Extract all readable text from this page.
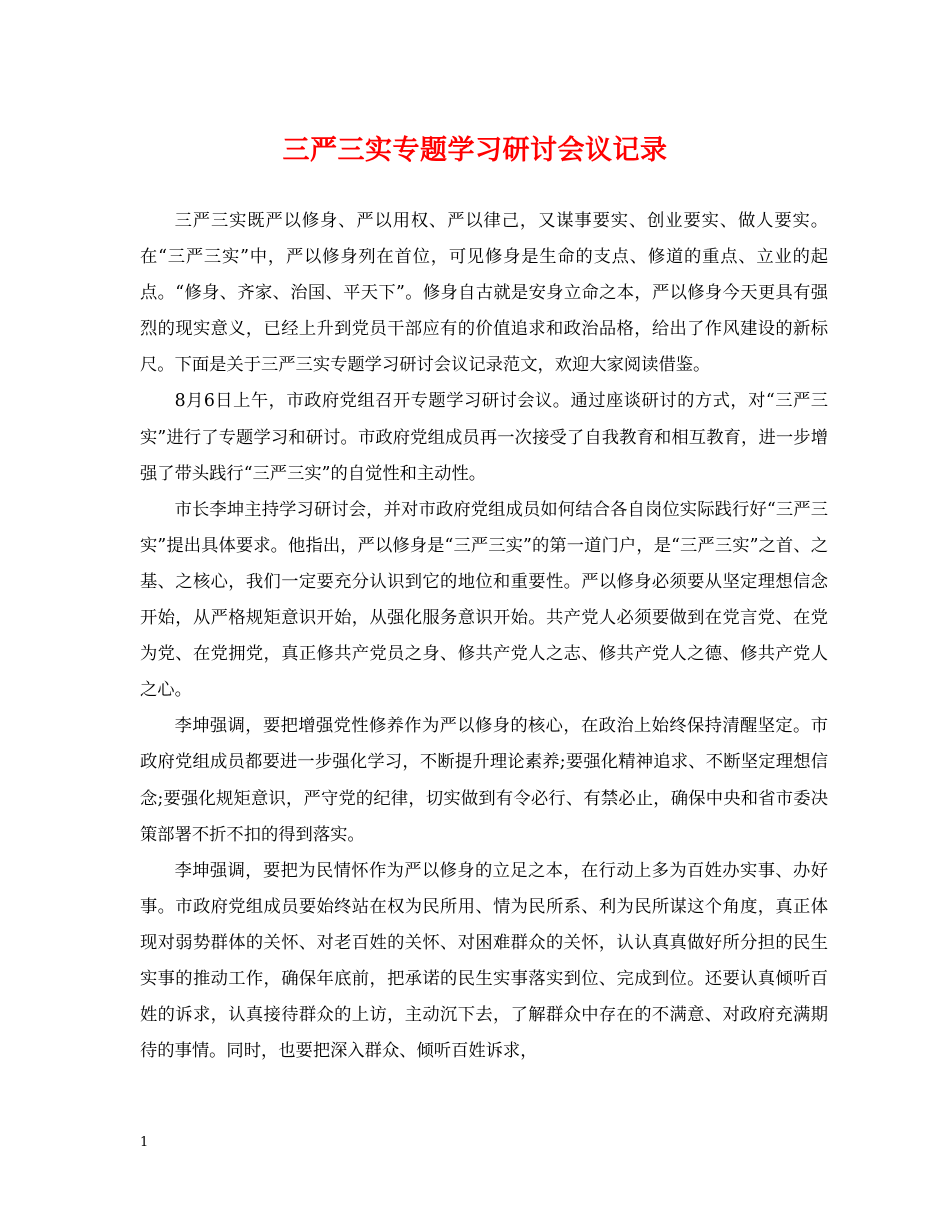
三严三实专题学习研讨会议记录

三严三实既严以修身、严以用权、严以律己，又谋事要实、创业要实、做人要实。在“三严三实”中，严以修身列在首位，可见修身是生命的支点、修道的重点、立业的起点。“修身、齐家、治国、平天下”。修身自古就是安身立命之本，严以修身今天更具有强烈的现实意义，已经上升到党员干部应有的价值追求和政治品格，给出了作风建设的新标尺。下面是关于三严三实专题学习研讨会议记录范文，欢迎大家阅读借鉴。

8月6日上午，市政府党组召开专题学习研讨会议。通过座谈研讨的方式，对“三严三实”进行了专题学习和研讨。市政府党组成员再一次接受了自我教育和相互教育，进一步增强了带头践行“三严三实”的自觉性和主动性。

市长李坤主持学习研讨会，并对市政府党组成员如何结合各自岗位实际践行好“三严三实”提出具体要求。他指出，严以修身是“三严三实”的第一道门户，是“三严三实”之首、之基、之核心，我们一定要充分认识到它的地位和重要性。严以修身必须要从坚定理想信念开始，从严格规矩意识开始，从强化服务意识开始。共产党人必须要做到在党言党、在党为党、在党拥党，真正修共产党员之身、修共产党人之志、修共产党人之德、修共产党人之心。

李坤强调，要把增强党性修养作为严以修身的核心，在政治上始终保持清醒坚定。市政府党组成员都要进一步强化学习，不断提升理论素养;要强化精神追求、不断坚定理想信念;要强化规矩意识，严守党的纪律，切实做到有令必行、有禁必止，确保中央和省市委决策部署不折不扣的得到落实。

李坤强调，要把为民情怀作为严以修身的立足之本，在行动上多为百姓办实事、办好事。市政府党组成员要始终站在权为民所用、情为民所系、利为民所谋这个角度，真正体现对弱势群体的关怀、对老百姓的关怀、对困难群众的关怀，认认真真做好所分担的民生实事的推动工作，确保年底前，把承诺的民生实事落实到位、完成到位。还要认真倾听百姓的诉求，认真接待群众的上访，主动沉下去，了解群众中存在的不满意、对政府充满期待的事情。同时，也要把深入群众、倾听百姓诉求，

1
